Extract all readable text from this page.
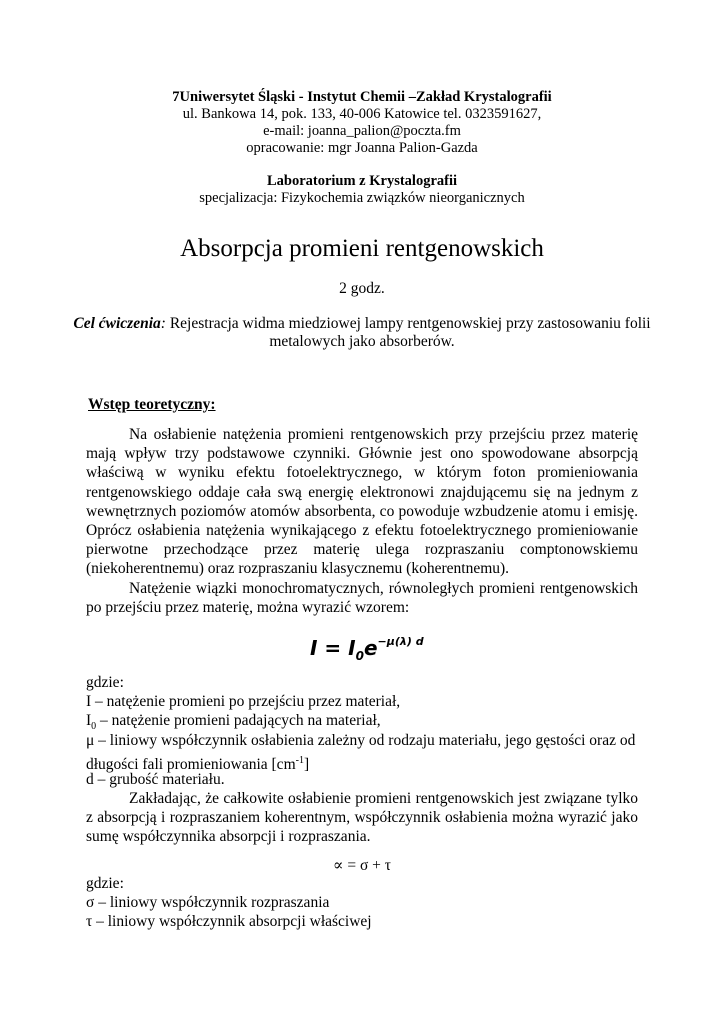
7Uniwersytet Śląski - Instytut Chemii –Zakład Krystalografii
ul. Bankowa 14, pok. 133, 40-006 Katowice tel. 0323591627,
e-mail: joanna_palion@poczta.fm
opracowanie: mgr Joanna Palion-Gazda
Laboratorium z Krystalografii
specjalizacja: Fizykochemia związków nieorganicznych
Absorpcja promieni rentgenowskich
2 godz.
Cel ćwiczenia: Rejestracja widma miedziowej lampy rentgenowskiej przy zastosowaniu folii
metalowych jako absorberów.
Wstęp teoretyczny:
Na osłabienie natężenia promieni rentgenowskich przy przejściu przez materię mają wpływ trzy podstawowe czynniki. Głównie jest ono spowodowane absorpcją właściwą w wyniku efektu fotoelektrycznego, w którym foton promieniowania rentgenowskiego oddaje cała swą energię elektronowi znajdującemu się na jednym z wewnętrznych poziomów atomów absorbenta, co powoduje wzbudzenie atomu i emisję. Oprócz osłabienia natężenia wynikającego z efektu fotoelektrycznego promieniowanie pierwotne przechodzące przez materię ulega rozpraszaniu comptonowskiemu (niekoherentnemu) oraz rozpraszaniu klasycznemu (koherentnemu).
Natężenie wiązki monochromatycznych, równoległych promieni rentgenowskich po przejściu przez materię, można wyrazić wzorem:
$I = I_0e^{-\mu(\lambda) d}$
gdzie:
I – natężenie promieni po przejściu przez materiał,
$I_0$ – natężenie promieni padających na materiał,
μ – liniowy współczynnik osłabienia zależny od rodzaju materiału, jego gęstości oraz od
długości fali promieniowania $[cm^{-1}]$
d – grubość materiału.
Zakładając, że całkowite osłabienie promieni rentgenowskich jest związane tylko z absorpcją i rozpraszaniem koherentnym, współczynnik osłabienia można wyrazić jako sumę współczynnika absorpcji i rozpraszania.
∝ = σ + τ
gdzie:
σ – liniowy współczynnik rozpraszania
τ – liniowy współczynnik absorpcji właściwej
